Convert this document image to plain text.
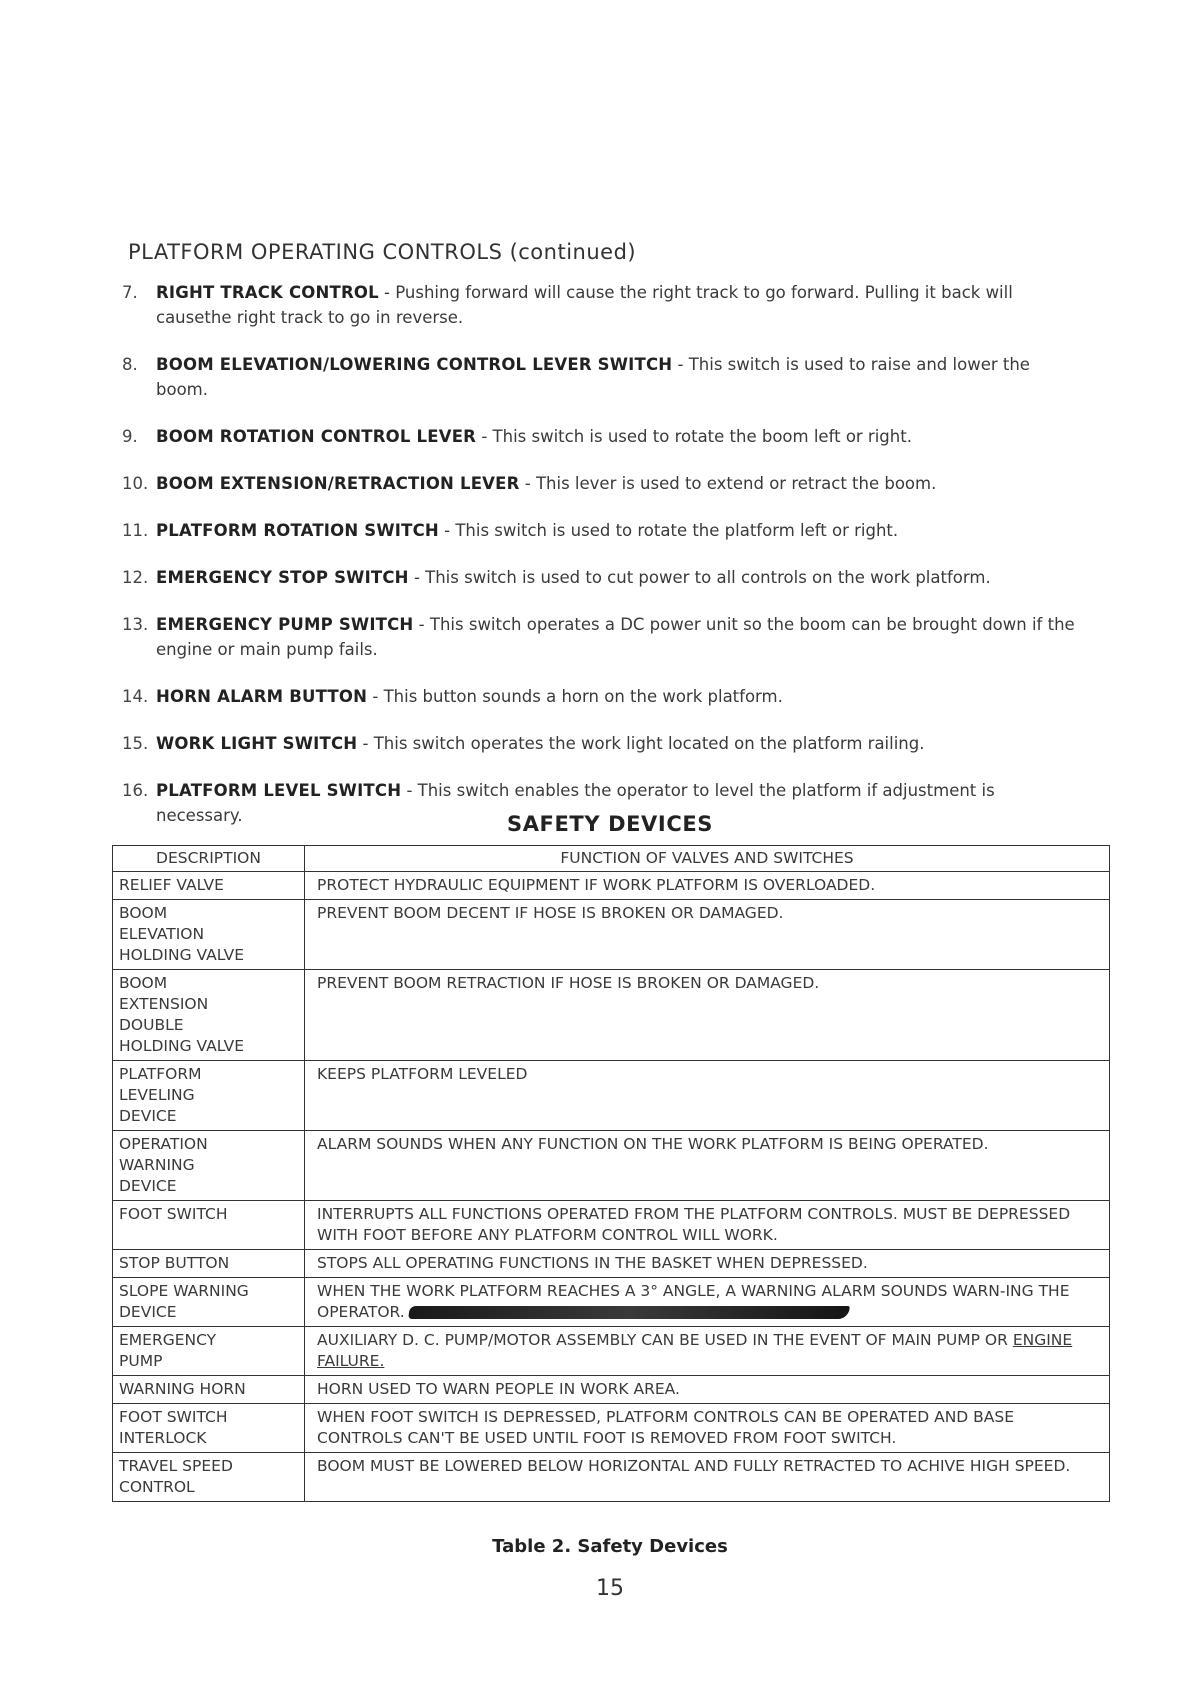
PLATFORM OPERATING CONTROLS (continued)
7.	RIGHT TRACK CONTROL - Pushing forward will cause the right track to go forward. Pulling it back will causethe right track to go in reverse.
8.	BOOM ELEVATION/LOWERING CONTROL LEVER SWITCH - This switch is used to raise and lower the boom.
9.	BOOM ROTATION CONTROL LEVER - This switch is used to rotate the boom left or right.
10. BOOM EXTENSION/RETRACTION LEVER - This lever is used to extend or retract the boom.
11. PLATFORM ROTATION SWITCH - This switch is used to rotate the platform left or right.
12. EMERGENCY STOP SWITCH - This switch is used to cut power to all controls on the work platform.
13. EMERGENCY PUMP SWITCH - This switch operates a DC power unit so the boom can be brought down if the engine or main pump fails.
14. HORN ALARM BUTTON - This button sounds a horn on the work platform.
15. WORK LIGHT SWITCH - This switch operates the work light located on the platform railing.
16. PLATFORM LEVEL SWITCH - This switch enables the operator to level the platform if adjustment is necessary.	SAFETY DEVICES
DESCRIPTION	FUNCTION OF VALVES AND SWITCHES
RELIEF VALVE	PROTECT HYDRAULIC EQUIPMENT IF WORK PLATFORM IS OVERLOADED.
BOOM
ELEVATION
HOLDING VALVE	PREVENT BOOM DECENT IF HOSE IS BROKEN OR DAMAGED.
BOOM
EXTENSION
DOUBLE
HOLDING VALVE	PREVENT BOOM RETRACTION IF HOSE IS BROKEN OR DAMAGED.
PLATFORM
LEVELING
DEVICE	KEEPS PLATFORM LEVELED
OPERATION
WARNING
DEVICE	ALARM SOUNDS WHEN ANY FUNCTION ON THE WORK PLATFORM IS BEING OPERATED.
FOOT SWITCH	INTERRUPTS ALL FUNCTIONS OPERATED FROM THE PLATFORM CONTROLS. MUST BE DEPRESSED WITH FOOT BEFORE ANY PLATFORM CONTROL WILL WORK.
STOP BUTTON	STOPS ALL OPERATING FUNCTIONS IN THE BASKET WHEN DEPRESSED.
SLOPE WARNING
DEVICE	WHEN THE WORK PLATFORM REACHES A 3° ANGLE, A WARNING ALARM SOUNDS WARN-ING THE OPERATOR.
EMERGENCY
PUMP	AUXILIARY D. C. PUMP/MOTOR ASSEMBLY CAN BE USED IN THE EVENT OF MAIN PUMP OR ENGINE FAILURE.
WARNING HORN	HORN USED TO WARN PEOPLE IN WORK AREA.
FOOT SWITCH
INTERLOCK	WHEN FOOT SWITCH IS DEPRESSED, PLATFORM CONTROLS CAN BE OPERATED AND BASE CONTROLS CAN'T BE USED UNTIL FOOT IS REMOVED FROM FOOT SWITCH.
TRAVEL SPEED
CONTROL	BOOM MUST BE LOWERED BELOW HORIZONTAL AND FULLY RETRACTED TO ACHIVE HIGH SPEED.
Table 2. Safety Devices
15
